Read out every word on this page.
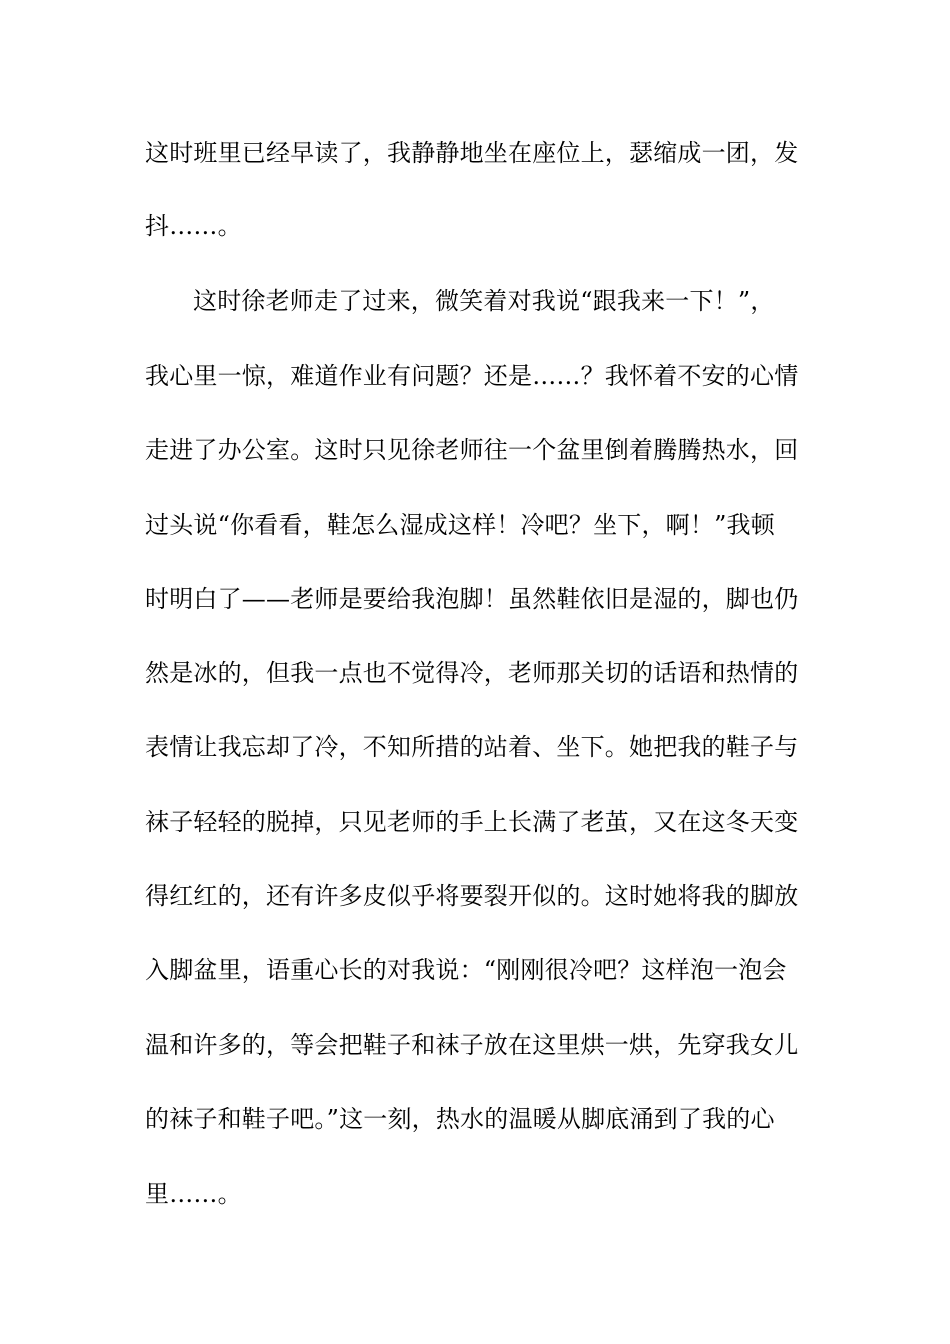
这时班里已经早读了，我静静地坐在座位上，瑟缩成一团，发
抖……。
这时徐老师走了过来，微笑着对我说“跟我来一下！”，
我心里一惊，难道作业有问题？还是……？我怀着不安的心情
走进了办公室。这时只见徐老师往一个盆里倒着腾腾热水，回
过头说“你看看，鞋怎么湿成这样！冷吧？坐下，啊！”我顿
时明白了——老师是要给我泡脚！虽然鞋依旧是湿的，脚也仍
然是冰的，但我一点也不觉得冷，老师那关切的话语和热情的
表情让我忘却了冷，不知所措的站着、坐下。她把我的鞋子与
袜子轻轻的脱掉，只见老师的手上长满了老茧，又在这冬天变
得红红的，还有许多皮似乎将要裂开似的。这时她将我的脚放
入脚盆里，语重心长的对我说：“刚刚很冷吧？这样泡一泡会
温和许多的，等会把鞋子和袜子放在这里烘一烘，先穿我女儿
的袜子和鞋子吧。”这一刻，热水的温暖从脚底涌到了我的心
里……。
